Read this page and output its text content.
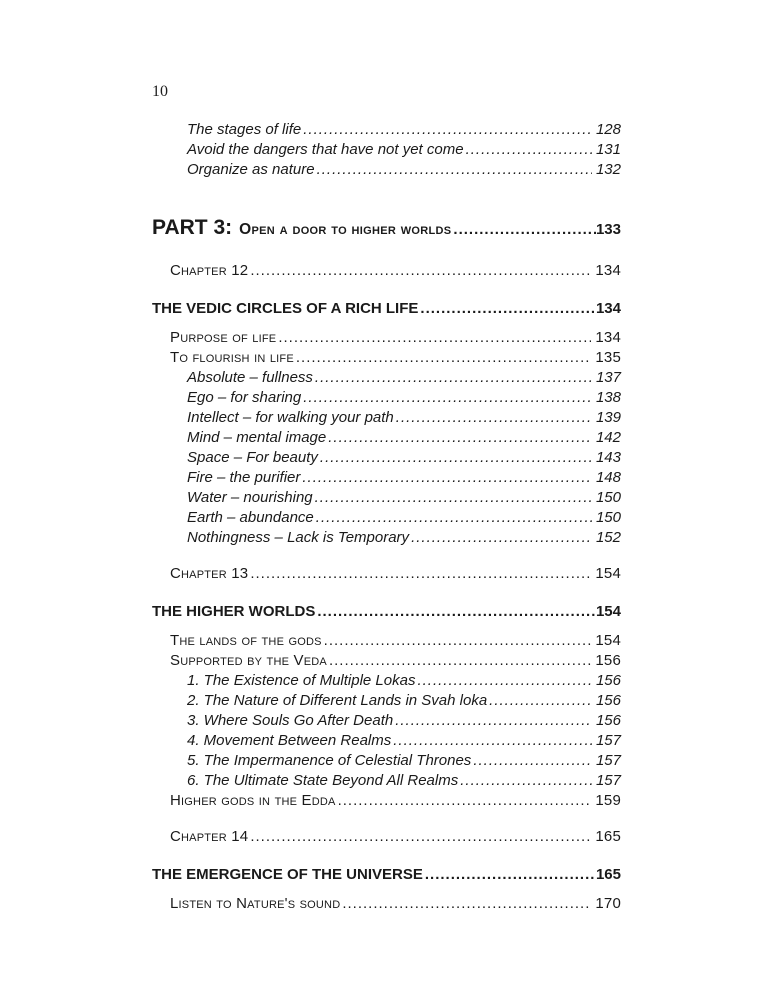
10
The stages of life .....	128
Avoid the dangers that have not yet come .....	131
Organize as nature .....	132
PART 3: Open a door to higher worlds .....	133
Chapter 12 .....	134
THE VEDIC CIRCLES OF A RICH LIFE .....	134
Purpose of life .....	134
To flourish in life .....	135
Absolute – fullness .....	137
Ego – for sharing .....	138
Intellect – for walking your path .....	139
Mind – mental image .....	142
Space – For beauty .....	143
Fire – the purifier .....	148
Water – nourishing .....	150
Earth – abundance .....	150
Nothingness – Lack is Temporary .....	152
Chapter 13 .....	154
THE HIGHER WORLDS .....	154
The lands of the gods .....	154
Supported by the Veda .....	156
1. The Existence of Multiple Lokas .....	156
2. The Nature of Different Lands in Svah loka .....	156
3. Where Souls Go After Death .....	156
4. Movement Between Realms .....	157
5. The Impermanence of Celestial Thrones .....	157
6. The Ultimate State Beyond All Realms .....	157
Higher gods in the Edda .....	159
Chapter 14 .....	165
THE EMERGENCE OF THE UNIVERSE .....	165
Listen to Nature's sound .....	170
